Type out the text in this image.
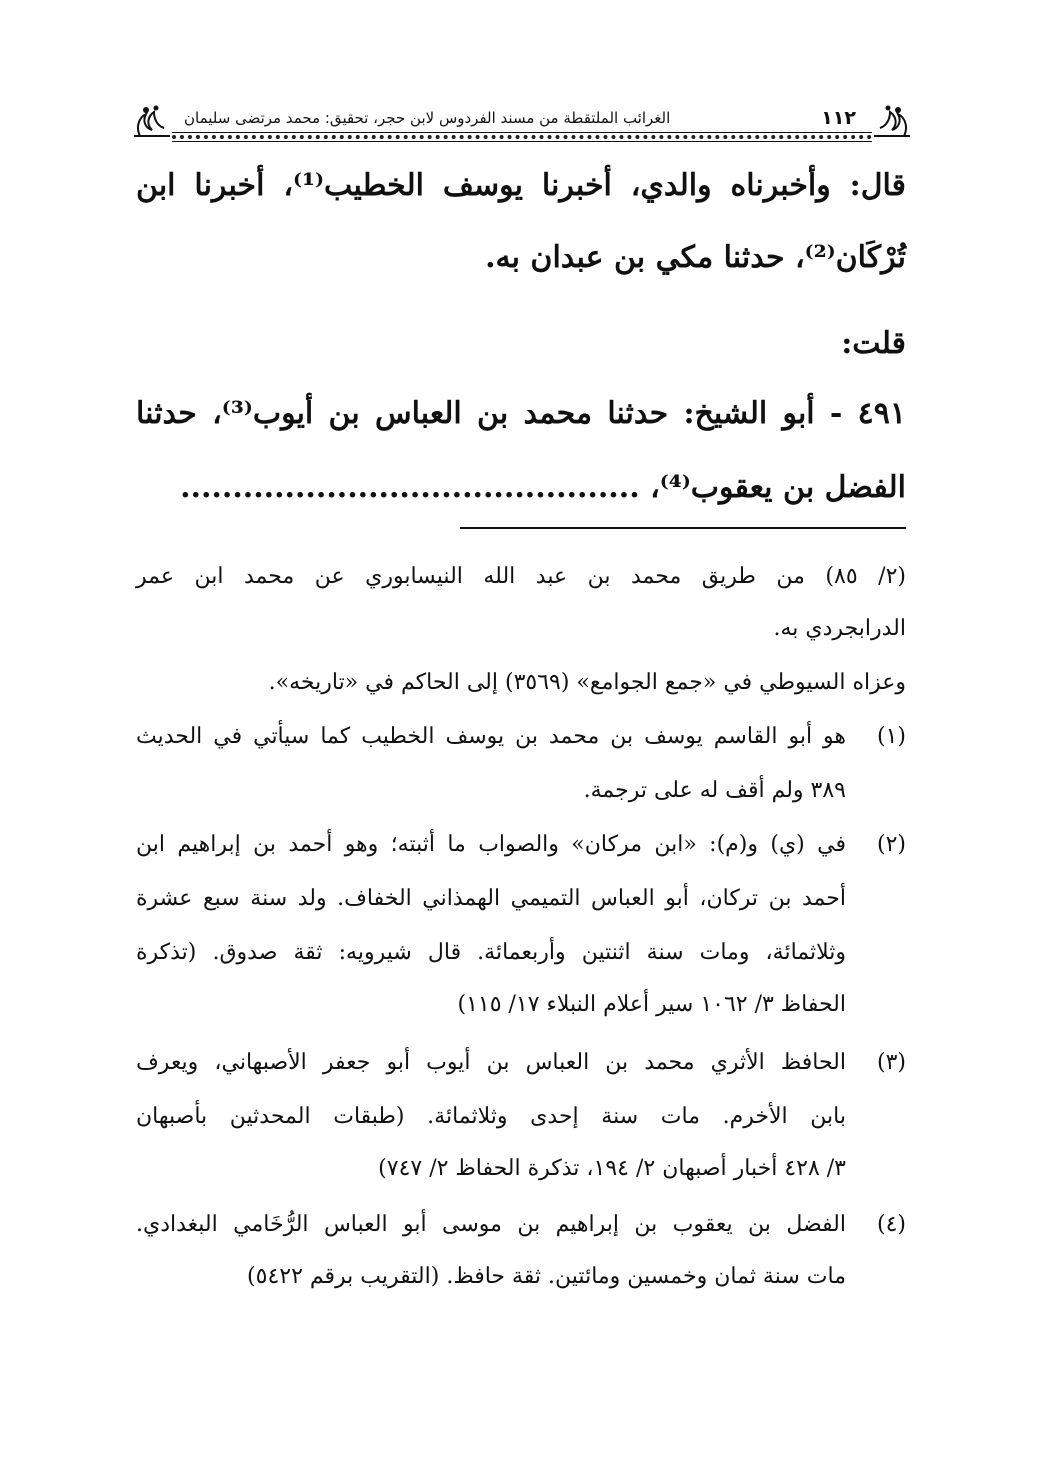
١١٢
الغرائب الملتقطة من مسند الفردوس لابن حجر، تحقيق: محمد مرتضى سليمان
قال: وأخبرناه والدي، أخبرنا يوسف الخطيب⁽¹⁾، أخبرنا ابن
تُرْكَان⁽²⁾، حدثنا مكي بن عبدان به.
قلت:
٤٩١ - أبو الشيخ: حدثنا محمد بن العباس بن أيوب⁽³⁾، حدثنا
الفضل بن يعقوب⁽⁴⁾، ............................................
(٢/ ٨٥) من طريق محمد بن عبد الله النيسابوري عن محمد ابن عمر
الدرابجردي به.
وعزاه السيوطي في «جمع الجوامع» (٣٥٦٩) إلى الحاكم في «تاريخه».
(١)
هو أبو القاسم يوسف بن محمد بن يوسف الخطيب كما سيأتي في الحديث
٣٨٩ ولم أقف له على ترجمة.
(٢)
في (ي) و(م): «ابن مركان» والصواب ما أثبته؛ وهو أحمد بن إبراهيم ابن
أحمد بن تركان، أبو العباس التميمي الهمذاني الخفاف. ولد سنة سبع عشرة
وثلاثمائة، ومات سنة اثنتين وأربعمائة. قال شيرويه: ثقة صدوق. (تذكرة
الحفاظ ٣/ ١٠٦٢ سير أعلام النبلاء ١٧/ ١١٥)
(٣)
الحافظ الأثري محمد بن العباس بن أيوب أبو جعفر الأصبهاني، ويعرف
بابن الأخرم. مات سنة إحدى وثلاثمائة. (طبقات المحدثين بأصبهان
٣/ ٤٢٨ أخبار أصبهان ٢/ ١٩٤، تذكرة الحفاظ ٢/ ٧٤٧)
(٤)
الفضل بن يعقوب بن إبراهيم بن موسى أبو العباس الرُّخَامي البغدادي.
مات سنة ثمان وخمسين ومائتين. ثقة حافظ. (التقريب برقم ٥٤٢٢)
